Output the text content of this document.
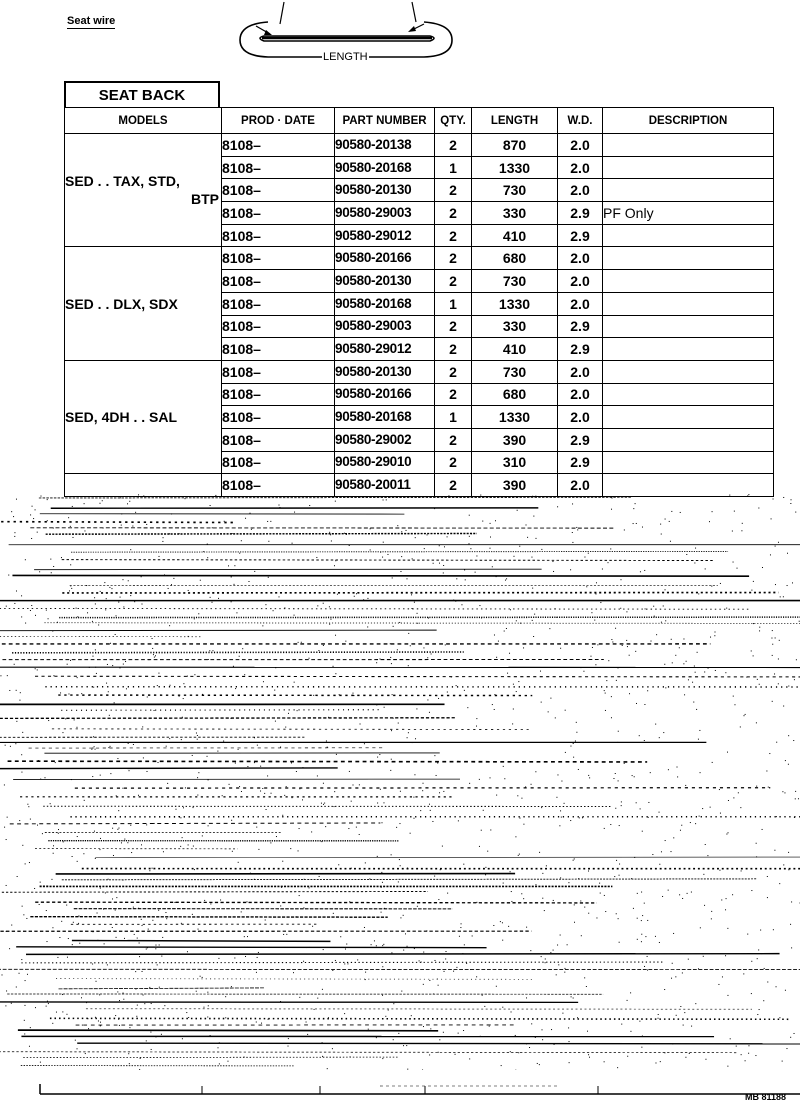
Seat wire
LENGTH
SEAT BACK
MODELS	PROD · DATE	PART NUMBER	QTY.	LENGTH	W.D.	DESCRIPTION

SED . . TAX, STD,
BTP	8108–	90580-20138	2	870	2.0	
	8108–	90580-20168	1	1330	2.0	
	8108–	90580-20130	2	730	2.0	
	8108–	90580-29003	2	330	2.9	PF Only
	8108–	90580-29012	2	410	2.9	

SED . . DLX, SDX	8108–	90580-20166	2	680	2.0	
	8108–	90580-20130	2	730	2.0	
	8108–	90580-20168	1	1330	2.0	
	8108–	90580-29003	2	330	2.9	
	8108–	90580-29012	2	410	2.9	

SED, 4DH . . SAL	8108–	90580-20130	2	730	2.0	
	8108–	90580-20166	2	680	2.0	
	8108–	90580-20168	1	1330	2.0	
	8108–	90580-29002	2	390	2.9	
	8108–	90580-29010	2	310	2.9	

	8108–	90580-20011	2	390	2.0	
MB 81188
